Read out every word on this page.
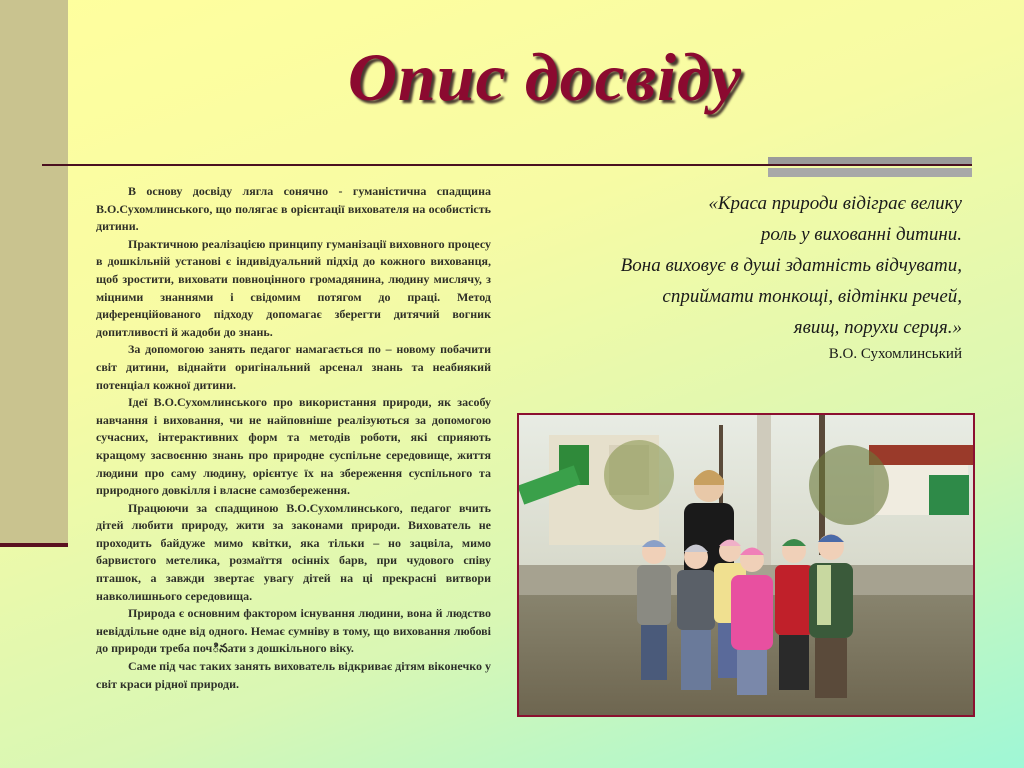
Опис досвіду

В основу досвіду лягла сонячно - гуманістична спадщина В.О.Сухомлинського, що полягає в орієнтації вихователя на особистість дитини.

Практичною реалізацією принципу гуманізації виховного процесу в дошкільній установі є індивідуальний підхід до кожного вихованця, щоб зростити, виховати повноцінного громадянина, людину мислячу, з міцними знаннями і свідомим потягом до праці. Метод диференційованого підходу допомагає зберегти дитячий вогник допитливості й жадоби до знань.

За допомогою занять педагог намагається по – новому побачити світ дитини, віднайти оригінальний арсенал знань та неабиякий потенціал кожної дитини.

Ідеї В.О.Сухомлинського про використання природи, як засобу навчання і виховання, чи не найповніше реалізуються за допомогою сучасних, інтерактивних форм та методів роботи, які сприяють кращому засвоєнню знань про природне суспільне середовище, життя людини про саму людину, орієнтує їх на збереження суспільного та природного довкілля і власне самозбереження.

Працюючи за спадщиною В.О.Сухомлинського, педагог вчить дітей любити природу, жити за законами природи. Вихователь не проходить байдуже мимо квітки, яка тільки – но зацвіла, мимо барвистого метелика, розмаїття осінніх барв, при чудового співу пташок, а завжди звертає увагу дітей на ці прекрасні витвори навколишнього середовища.

Природа є основним фактором існування людини, вона й людство невіддільне одне від одного. Немає сумніву в тому, що виховання любові до природи треба почినати з дошкільного віку.

Саме під час таких занять вихователь відкриває дітям віконечко у світ краси рідної природи.

«Краса природи відіграє велику
роль у вихованні дитини.
Вона виховує в душі здатність відчувати,
сприймати тонкощі, відтінки речей,
явищ, порухи серця.»
В.О. Сухомлинський
